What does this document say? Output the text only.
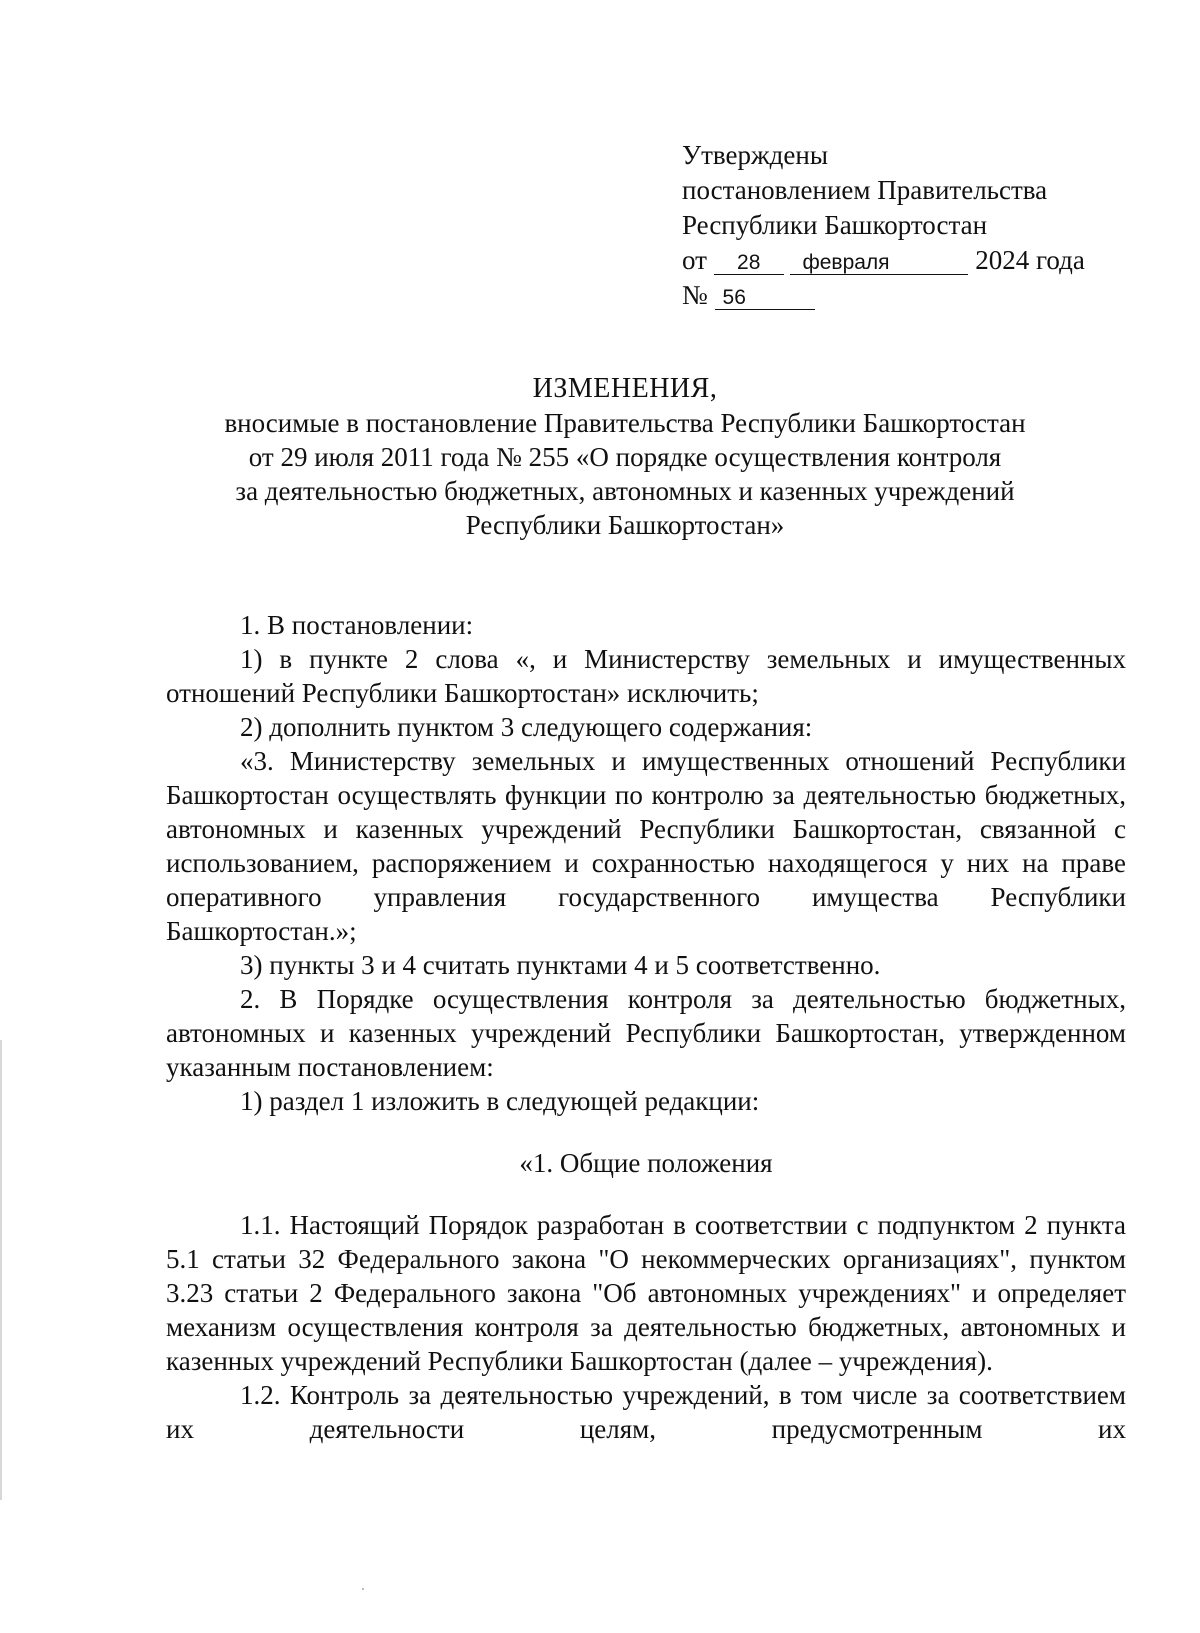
Утверждены
постановлением Правительства
Республики Башкортостан
от 28 февраля	2024 года
№ 56
ИЗМЕНЕНИЯ,
вносимые в постановление Правительства Республики Башкортостан
от 29 июля 2011 года № 255 «О порядке осуществления контроля
за деятельностью бюджетных, автономных и казенных учреждений
Республики Башкортостан»

1. В постановлении:

1) в пункте 2 слова «, и Министерству земельных и имущественных отношений Республики Башкортостан» исключить;

2) дополнить пунктом 3 следующего содержания:

«3. Министерству земельных и имущественных отношений Республики Башкортостан осуществлять функции по контролю за деятельностью бюджетных, автономных и казенных учреждений Республики Башкортостан, связанной с использованием, распоряжением и сохранностью находящегося у них на праве оперативного управления государственного имущества Республики Башкортостан.»;

3) пункты 3 и 4 считать пунктами 4 и 5 соответственно.

2. В Порядке осуществления контроля за деятельностью бюджетных, автономных и казенных учреждений Республики Башкортостан, утвержденном указанным постановлением:

1) раздел 1 изложить в следующей редакции:

«1. Общие положения

1.1. Настоящий Порядок разработан в соответствии с подпунктом 2 пункта 5.1 статьи 32 Федерального закона "О некоммерческих организациях", пунктом 3.23 статьи 2 Федерального закона "Об автономных учреждениях" и определяет механизм осуществления контроля за деятельностью бюджетных, автономных и казенных учреждений Республики Башкортостан (далее – учреждения).

1.2. Контроль за деятельностью учреждений, в том числе за соответствием их деятельности целям, предусмотренным их
